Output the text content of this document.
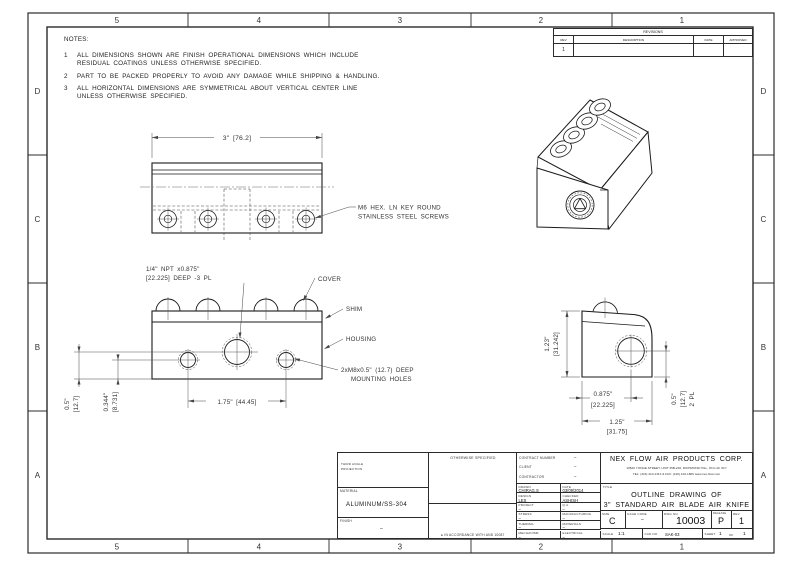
5	4	3	2	1
5	4	3	2	1
D
C
B
A
D
C
B
A
3" [76.2]
M6 HEX. LN KEY ROUND
STAINLESS STEEL SCREWS
1.75" [44.45]
0.5" [12.7]	0.344" [8.731]
1/4" NPT x0.875"
[22.225] DEEP -3 PL	COVER
SHIM
HOUSING
2xM8x0.5" (12.7) DEEP
MOUNTING HOLES
1.23" [31.242]
0.875"
[22.225]
1.25"
[31.75]
0.5" [12.7] 2 PL
NOTES:
1 ALL DIMENSIONS SHOWN ARE FINISH OPERATIONAL DIMENSIONS WHICH INCLUDE
RESIDUAL COATINGS UNLESS OTHERWISE SPECIFIED.
2 PART TO BE PACKED PROPERLY TO AVOID ANY DAMAGE WHILE SHIPPING & HANDLING.
3 ALL HORIZONTAL DIMENSIONS ARE SYMMETRICAL ABOUT VERTICAL CENTER LINE
UNLESS OTHERWISE SPECIFIED.
REVISIONS
REV	DESCRIPTION	DATE	APPROVED
1
THIRD ANGLE
PROJECTION
MATERIAL
ALUMINUM/SS-304
FINISH
–
OTHERWISE SPECIFIED
▸ IN ACCORDANCE WITH AND 10087
CONTRACT NUMBER	–
CLIENT	–
CONTRACTOR	–
DRAWN
CHIRAG.S
DATE
03/09/2014
DESIGN
LES
CHECKED
ASHISH
PROJECT
–
Q.A.
–
STRESS
–
MANUFACTURING
–
THERMAL
–
MATERIALS
–
MECHANISM
–
ELECTRICAL
–
NEX FLOW AIR PRODUCTS CORP.
10520 YONGE STREET, UNIT 35B-220, RICHMOND HILL, ON L4C 3C7
TEL: (416) 410-1313 & FAX: (416) 410-1806 www.nex-flow.com
TITLE
OUTLINE DRAWING OF
3" STANDARD AIR BLADE AIR KNIFE
SIZE
C
CAGE CODE
–
DWG NO
10003
RELEASE
P
REV
1
SCALE 1:1	CAD NO SAK-03	SHEET 1 OF 1
